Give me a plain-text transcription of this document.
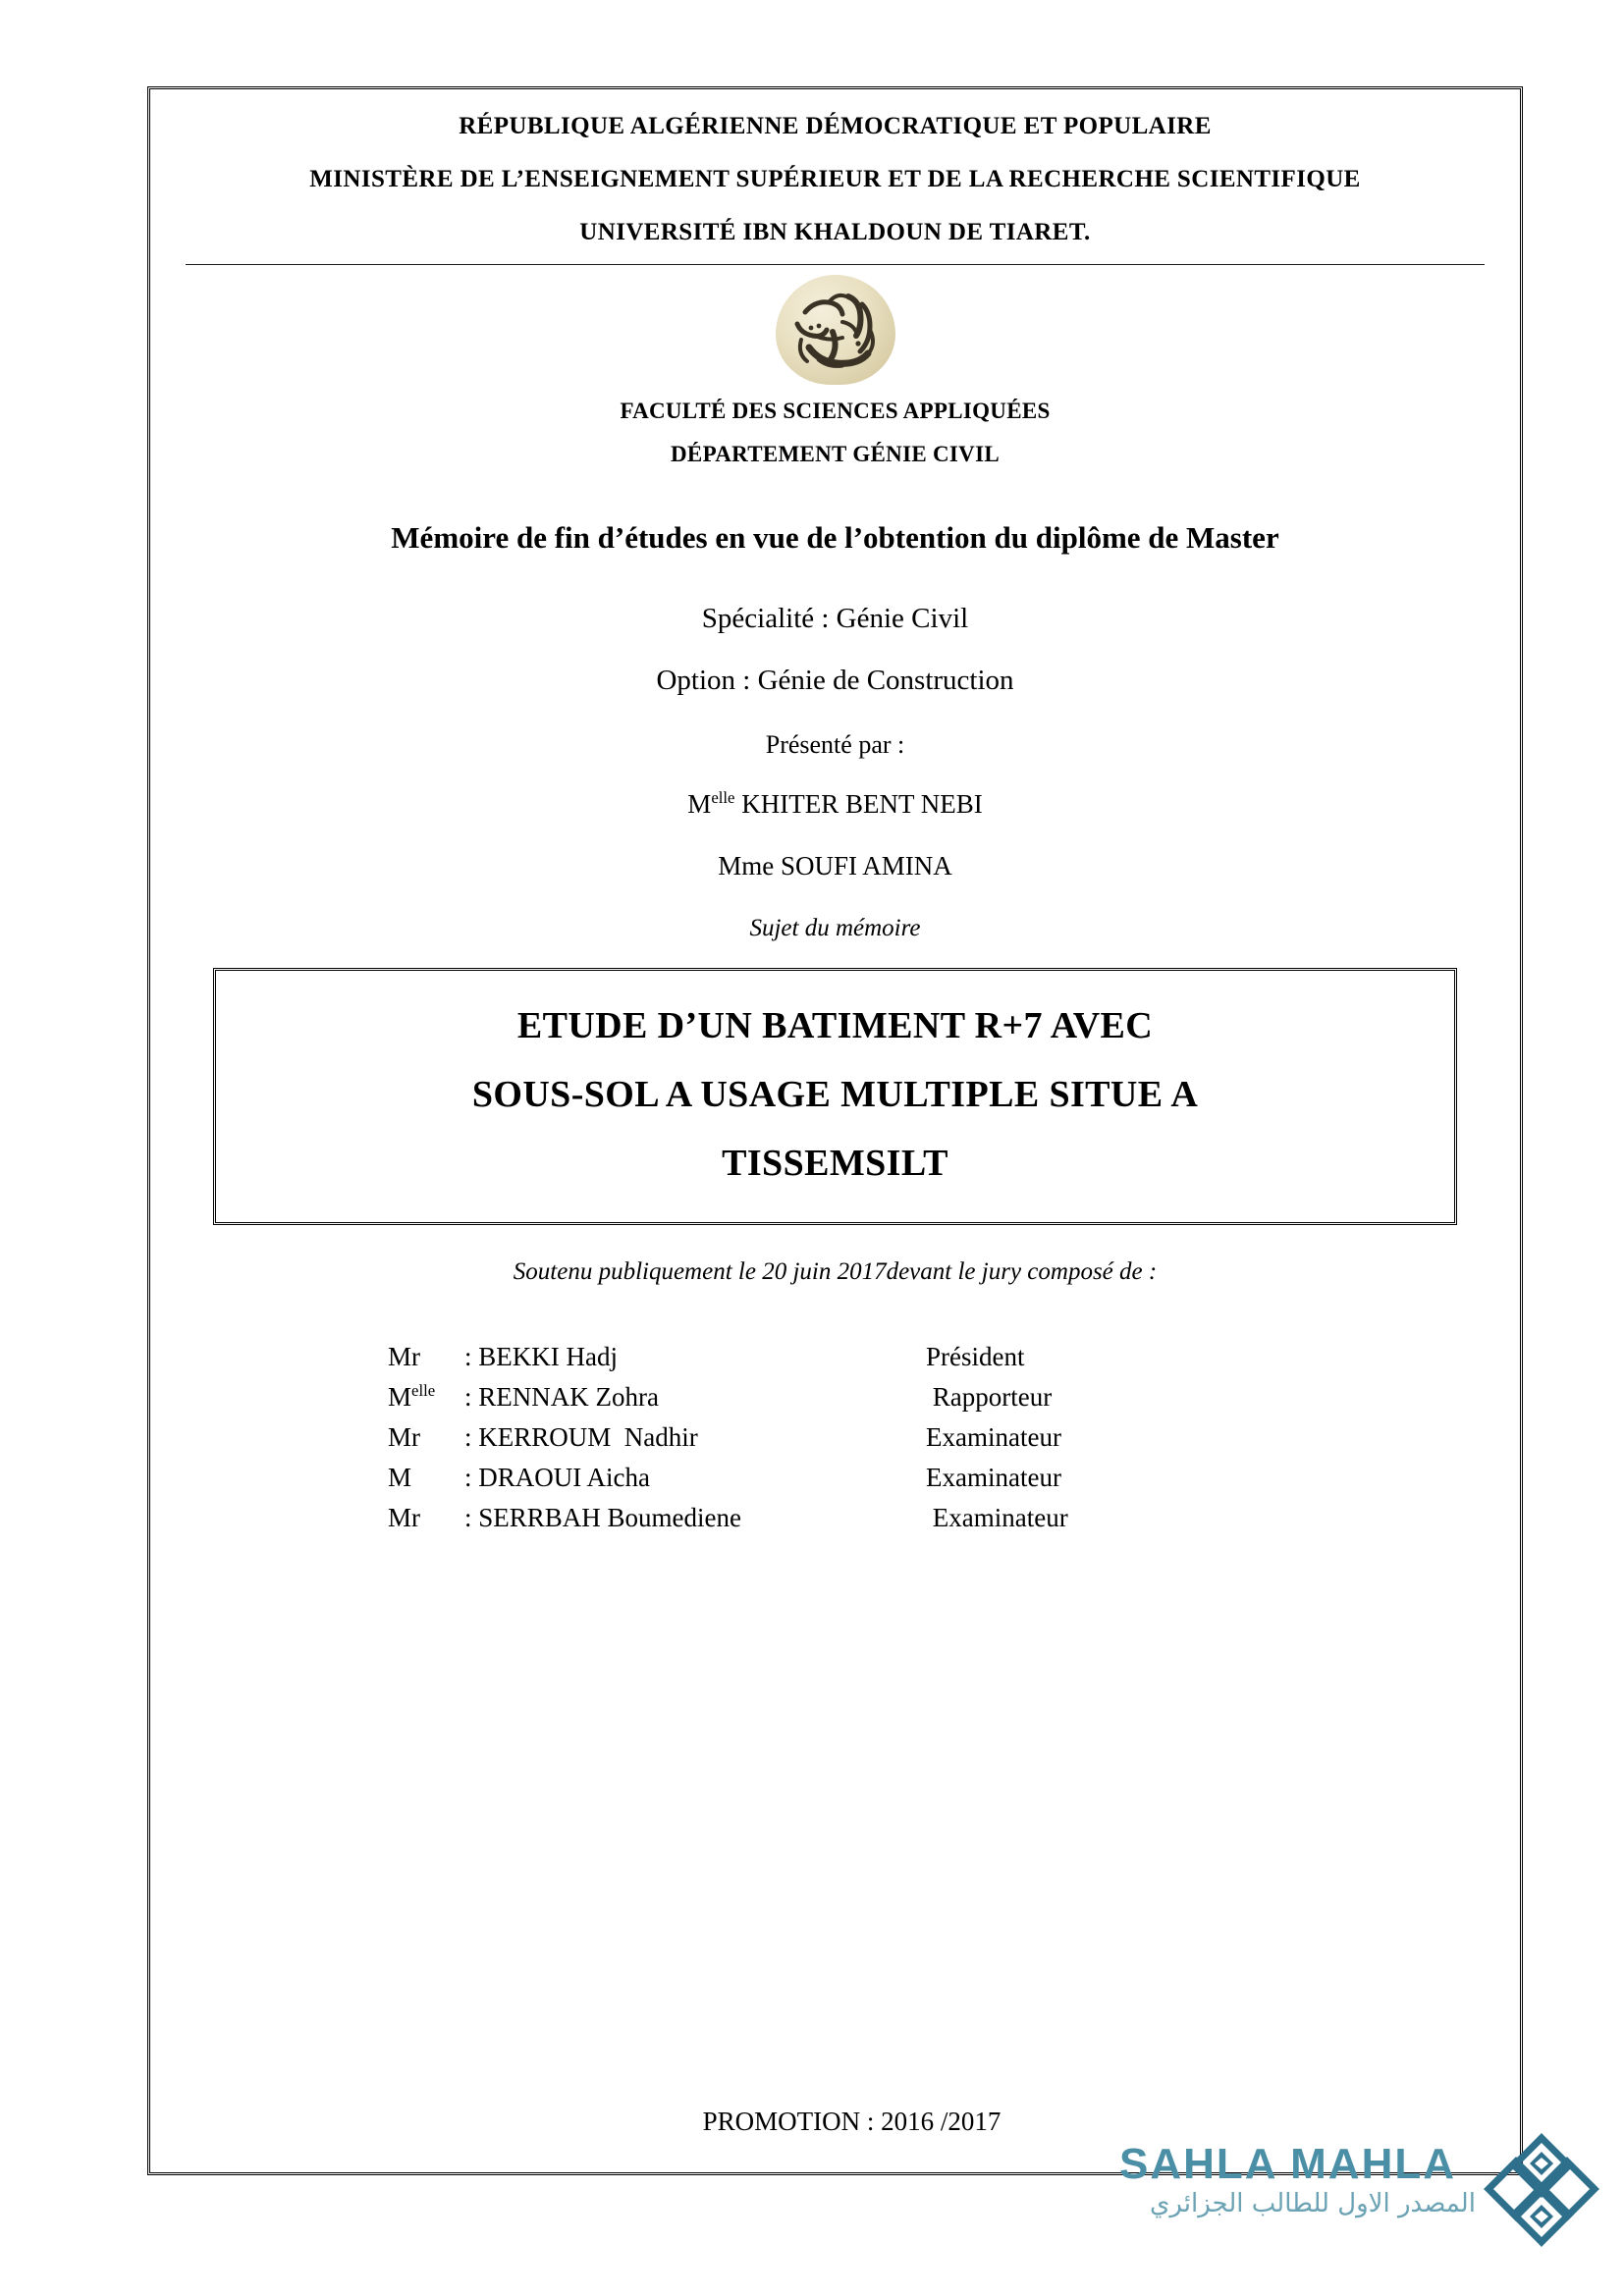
RÉPUBLIQUE ALGÉRIENNE DÉMOCRATIQUE ET POPULAIRE
MINISTÈRE DE L’ENSEIGNEMENT SUPÉRIEUR ET DE LA RECHERCHE SCIENTIFIQUE
UNIVERSITÉ IBN KHALDOUN DE TIARET.
FACULTÉ DES SCIENCES APPLIQUÉES
DÉPARTEMENT GÉNIE CIVIL
Mémoire de fin d’études en vue de l’obtention du diplôme de Master
Spécialité : Génie Civil
Option : Génie de Construction
Présenté par :
$M^{elle}$ KHITER BENT NEBI
Mme SOUFI AMINA
Sujet du mémoire
ETUDE D’UN BATIMENT R+7 AVEC
SOUS-SOL A USAGE MULTIPLE SITUE A
TISSEMSILT
Soutenu publiquement le 20 juin 2017devant le jury composé de :
Mr	: BEKKI Hadj	Président
$M^{elle}$	: RENNAK Zohra	Rapporteur
Mr	: KERROUM  Nadhir	Examinateur
M	: DRAOUI Aicha	Examinateur
Mr	: SERRBAH Boumediene	Examinateur
PROMOTION : 2016 /2017
SAHLA MAHLA
المصدر الاول للطالب الجزائري
